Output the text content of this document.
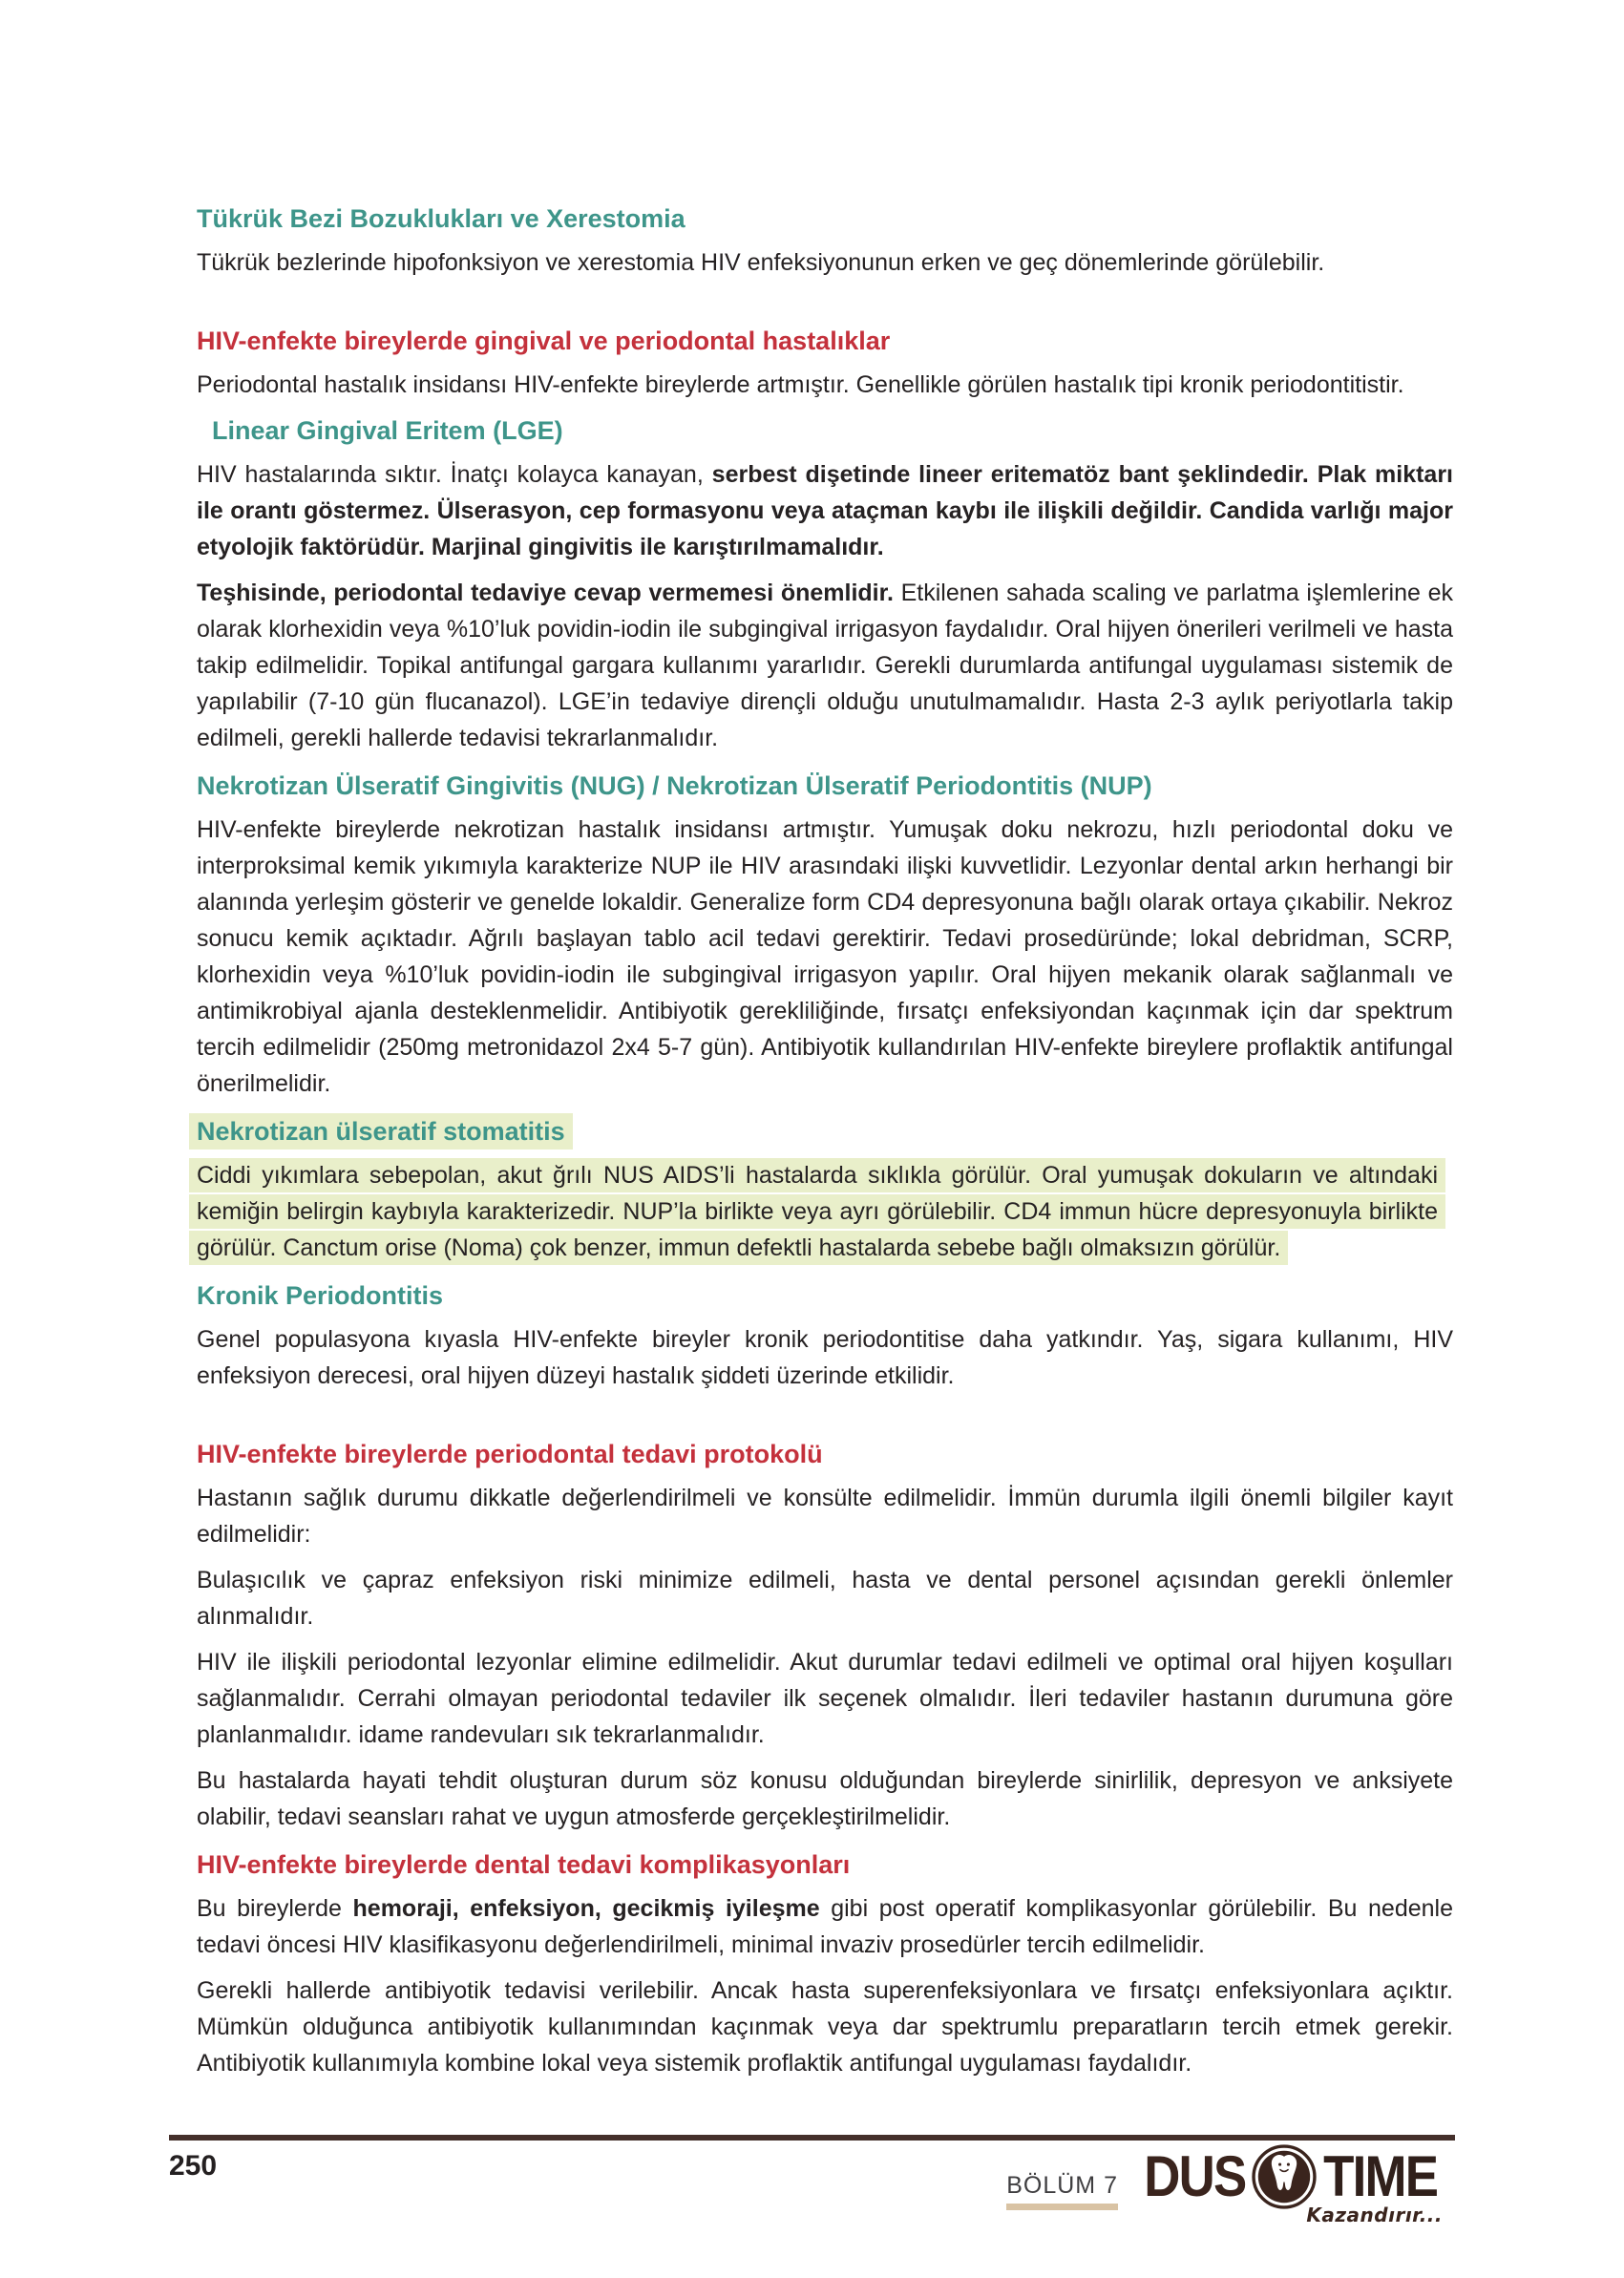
Tükrük Bezi Bozuklukları ve Xerestomia

Tükrük bezlerinde hipofonksiyon ve xerestomia HIV enfeksiyonunun erken ve geç dönemlerinde görülebilir.

HIV-enfekte bireylerde gingival ve periodontal hastalıklar

Periodontal hastalık insidansı HIV-enfekte bireylerde artmıştır. Genellikle görülen hastalık tipi kronik periodontitistir.

Linear Gingival Eritem (LGE)

HIV hastalarında sıktır. İnatçı kolayca kanayan, serbest dişetinde lineer eritematöz bant şeklindedir. Plak miktarı ile orantı göstermez. Ülserasyon, cep formasyonu veya ataçman kaybı ile ilişkili değildir. Candida varlığı major etyolojik faktörüdür. Marjinal gingivitis ile karıştırılmamalıdır.

Teşhisinde, periodontal tedaviye cevap vermemesi önemlidir. Etkilenen sahada scaling ve parlatma işlemlerine ek olarak klorhexidin veya %10’luk povidin-iodin ile subgingival irrigasyon faydalıdır. Oral hijyen önerileri verilmeli ve hasta takip edilmelidir. Topikal antifungal gargara kullanımı yararlıdır. Gerekli durumlarda antifungal uygulaması sistemik de yapılabilir (7-10 gün flucanazol). LGE’in tedaviye dirençli olduğu unutulmamalıdır. Hasta 2-3 aylık periyotlarla takip edilmeli, gerekli hallerde tedavisi tekrarlanmalıdır.

Nekrotizan Ülseratif Gingivitis (NUG) / Nekrotizan Ülseratif Periodontitis (NUP)

HIV-enfekte bireylerde nekrotizan hastalık insidansı artmıştır. Yumuşak doku nekrozu, hızlı periodontal doku ve interproksimal kemik yıkımıyla karakterize NUP ile HIV arasındaki ilişki kuvvetlidir. Lezyonlar dental arkın herhangi bir alanında yerleşim gösterir ve genelde lokaldir. Generalize form CD4 depresyonuna bağlı olarak ortaya çıkabilir. Nekroz sonucu kemik açıktadır. Ağrılı başlayan tablo acil tedavi gerektirir. Tedavi prosedüründe; lokal debridman, SCRP, klorhexidin veya %10’luk povidin-iodin ile subgingival irrigasyon yapılır. Oral hijyen mekanik olarak sağlanmalı ve antimikrobiyal ajanla desteklenmelidir. Antibiyotik gerekliliğinde, fırsatçı enfeksiyondan kaçınmak için dar spektrum tercih edilmelidir (250mg metronidazol 2x4 5-7 gün). Antibiyotik kullandırılan HIV-enfekte bireylere proflaktik antifungal önerilmelidir.

Nekrotizan ülseratif stomatitis

Ciddi yıkımlara sebepolan, akut ğrılı NUS AIDS’li hastalarda sıklıkla görülür. Oral yumuşak dokuların ve altındaki kemiğin belirgin kaybıyla karakterizedir. NUP’la birlikte veya ayrı görülebilir. CD4 immun hücre depresyonuyla birlikte görülür. Canctum orise (Noma) çok benzer, immun defektli hastalarda sebebe bağlı olmaksızın görülür.

Kronik Periodontitis

Genel populasyona kıyasla HIV-enfekte bireyler kronik periodontitise daha yatkındır. Yaş, sigara kullanımı, HIV enfeksiyon derecesi, oral hijyen düzeyi hastalık şiddeti üzerinde etkilidir.

HIV-enfekte bireylerde periodontal tedavi protokolü

Hastanın sağlık durumu dikkatle değerlendirilmeli ve konsülte edilmelidir. İmmün durumla ilgili önemli bilgiler kayıt edilmelidir:

Bulaşıcılık ve çapraz enfeksiyon riski minimize edilmeli, hasta ve dental personel açısından gerekli önlemler alınmalıdır.

HIV ile ilişkili periodontal lezyonlar elimine edilmelidir. Akut durumlar tedavi edilmeli ve optimal oral hijyen koşulları sağlanmalıdır. Cerrahi olmayan periodontal tedaviler ilk seçenek olmalıdır. İleri tedaviler hastanın durumuna göre planlanmalıdır. idame randevuları sık tekrarlanmalıdır.

Bu hastalarda hayati tehdit oluşturan durum söz konusu olduğundan bireylerde sinirlilik, depresyon ve anksiyete olabilir, tedavi seansları rahat ve uygun atmosferde gerçekleştirilmelidir.

HIV-enfekte bireylerde dental tedavi komplikasyonları

Bu bireylerde hemoraji, enfeksiyon, gecikmiş iyileşme gibi post operatif komplikasyonlar görülebilir. Bu nedenle tedavi öncesi HIV klasifikasyonu değerlendirilmeli, minimal invaziv prosedürler tercih edilmelidir.

Gerekli hallerde antibiyotik tedavisi verilebilir. Ancak hasta superenfeksiyonlara ve fırsatçı enfeksiyonlara açıktır. Mümkün olduğunca antibiyotik kullanımından kaçınmak veya dar spektrumlu preparatların tercih etmek gerekir. Antibiyotik kullanımıyla kombine lokal veya sistemik proflaktik antifungal uygulaması faydalıdır.

250
BÖLÜM 7 DUS TIME
Kazandırır...
